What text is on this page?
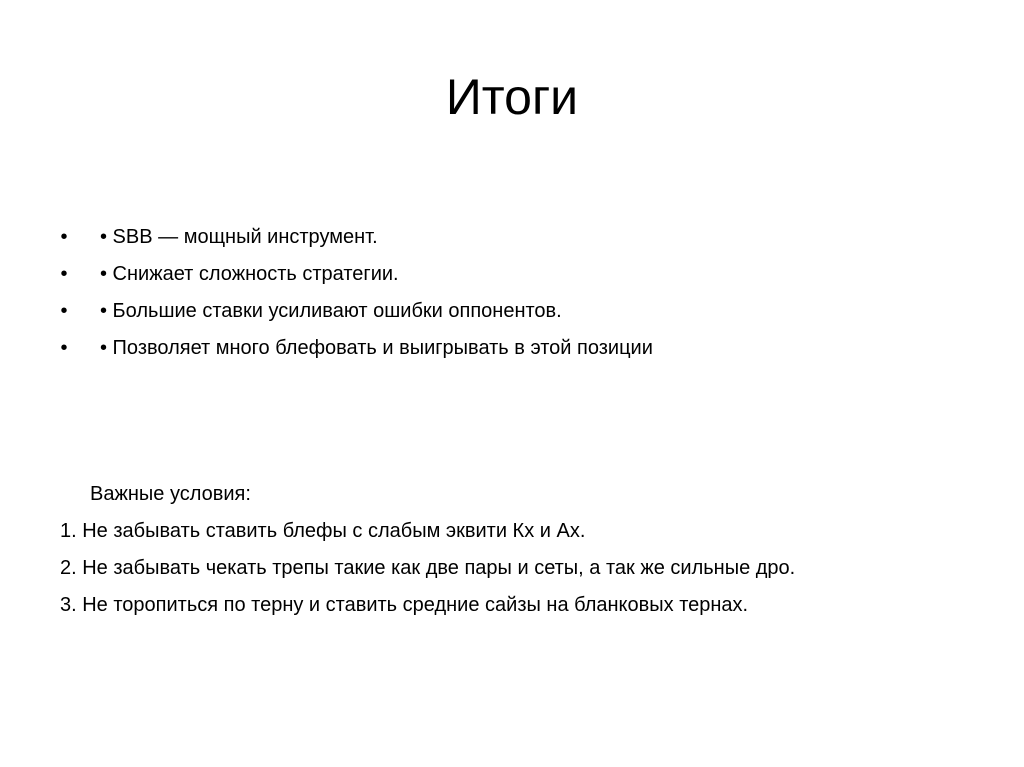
Итоги
• • SBB — мощный инструмент.
• • Снижает сложность стратегии.
• • Большие ставки усиливают ошибки оппонентов.
• • Позволяет много блефовать и выигрывать в этой позиции

Важные условия:

1. Не забывать ставить блефы с слабым эквити Кх и Ах.
2. Не забывать чекать трепы такие как две пары и сеты, а так же сильные дро.
3. Не торопиться по терну и ставить средние сайзы на бланковых тернах.
